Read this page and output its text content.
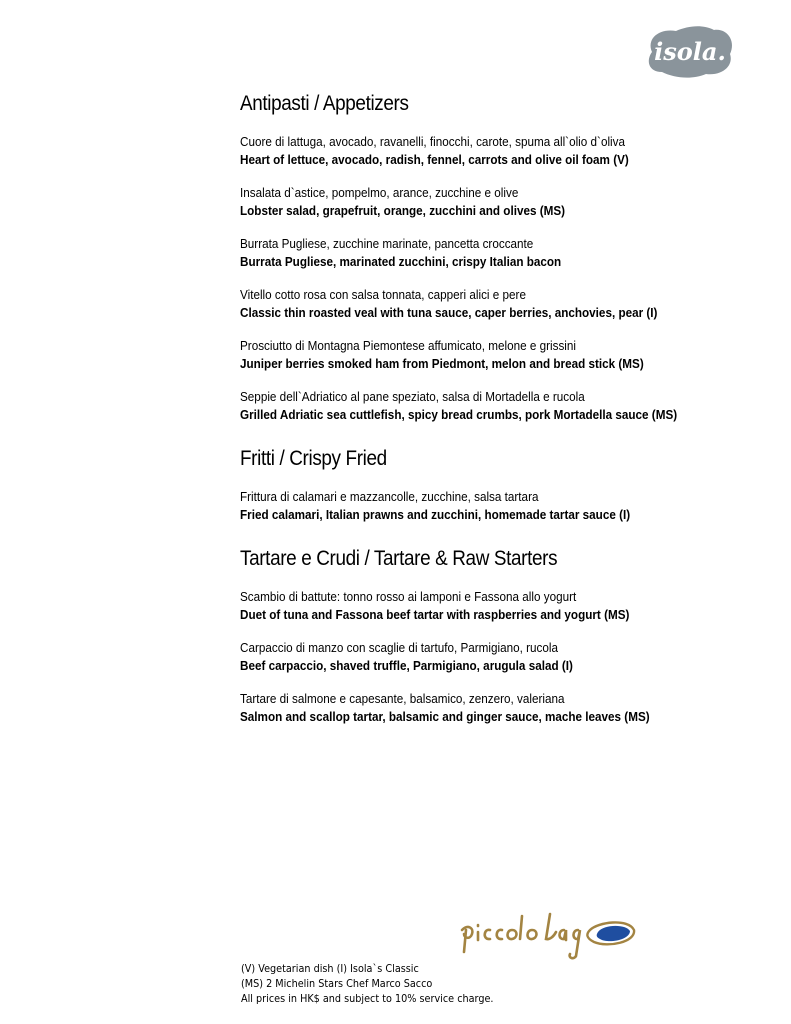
isola.
Antipasti / Appetizers
Cuore di lattuga, avocado, ravanelli, finocchi, carote, spuma all`olio d`oliva
Heart of lettuce, avocado, radish, fennel, carrots and olive oil foam (V)
Insalata d`astice, pompelmo, arance, zucchine e olive
Lobster salad, grapefruit, orange, zucchini and olives (MS)
Burrata Pugliese, zucchine marinate, pancetta croccante
Burrata Pugliese, marinated zucchini, crispy Italian bacon
Vitello cotto rosa con salsa tonnata, capperi alici e pere
Classic thin roasted veal with tuna sauce, caper berries, anchovies, pear (I)
Prosciutto di Montagna Piemontese affumicato, melone e grissini
Juniper berries smoked ham from Piedmont, melon and bread stick (MS)
Seppie dell`Adriatico al pane speziato, salsa di Mortadella e rucola
Grilled Adriatic sea cuttlefish, spicy bread crumbs, pork Mortadella sauce (MS)
Fritti / Crispy Fried
Frittura di calamari e mazzancolle, zucchine, salsa tartara
Fried calamari, Italian prawns and zucchini, homemade tartar sauce (I)
Tartare e Crudi / Tartare & Raw Starters
Scambio di battute: tonno rosso ai lamponi e Fassona allo yogurt
Duet of tuna and Fassona beef tartar with raspberries and yogurt (MS)
Carpaccio di manzo con scaglie di tartufo, Parmigiano, rucola
Beef carpaccio, shaved truffle, Parmigiano, arugula salad (I)
Tartare di salmone e capesante, balsamico, zenzero, valeriana
Salmon and scallop tartar, balsamic and ginger sauce, mache leaves (MS)
piccolo lag
(V) Vegetarian dish (I) Isola`s Classic
(MS) 2 Michelin Stars Chef Marco Sacco
All prices in HK$ and subject to 10% service charge.
